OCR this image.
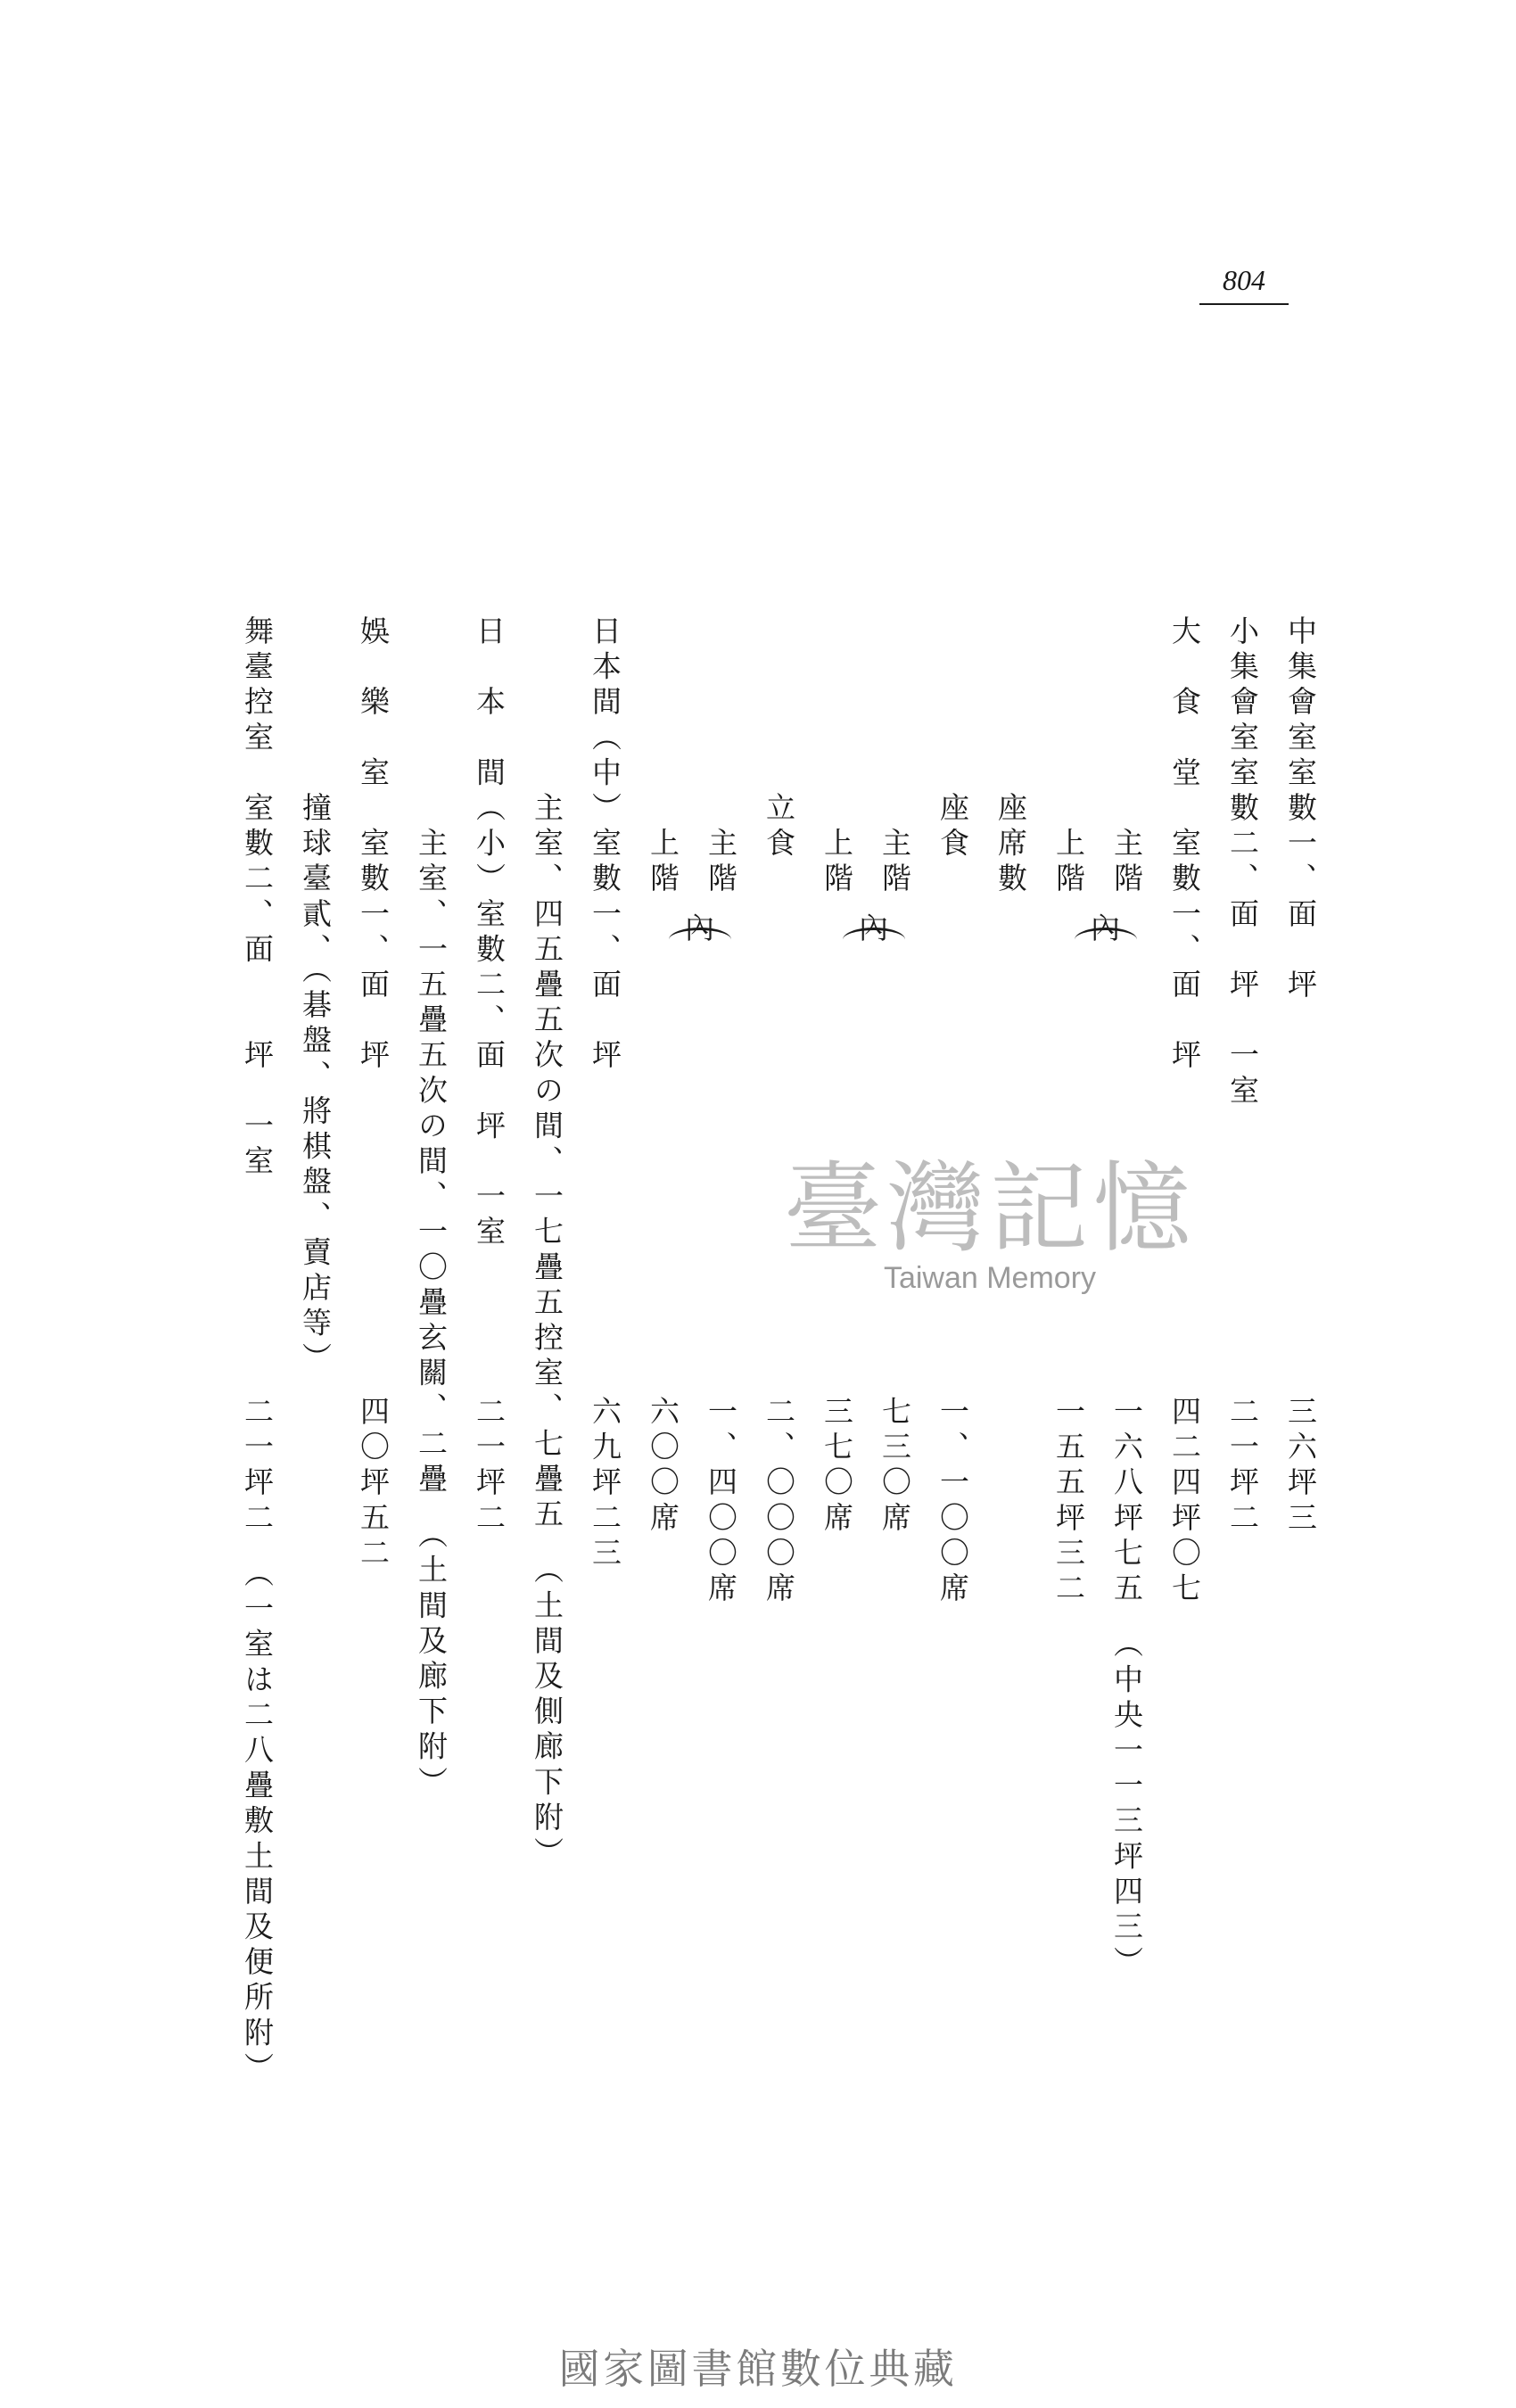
804
中集會室室數一、面　坪
三六坪三
小集會室室數二、面　坪　一室
二一坪二
大　食　堂　室數一、面　坪
四二四坪〇七
　　　　　　主階
一六八坪七五　（中央一一三坪四三）
　　　　　　上階
一五五坪三二
　　　　　座席數
　　　　　座食
一、一〇〇席
　　　　　　主階
七三〇席
　　　　　　上階
三七〇席
　　　　　立食
二、〇〇〇席
　　　　　　主階
一、四〇〇席
　　　　　　上階
六〇〇席
日本間（中）室數一、面　坪
六九坪二三
　　　　　主室、四五疊五次の間、一七疊五控室、七疊五　（土間及側廊下附）
日　本　間（小）室數二、面　坪　一室
二一坪二
　　　　　　主室、一五疊五次の間、一〇疊玄關、二疊　（土間及廊下附）
娛　樂　室　室數一、面　坪
四〇坪五二
　　　　　撞球臺貳、（碁盤、將棋盤、賣店等）
舞臺控室　室數二、面　　坪　一室
二一坪二　（一室は二八疊敷土間及便所附）
內
內
內
臺灣記憶
Taiwan Memory
國家圖書館數位典藏
